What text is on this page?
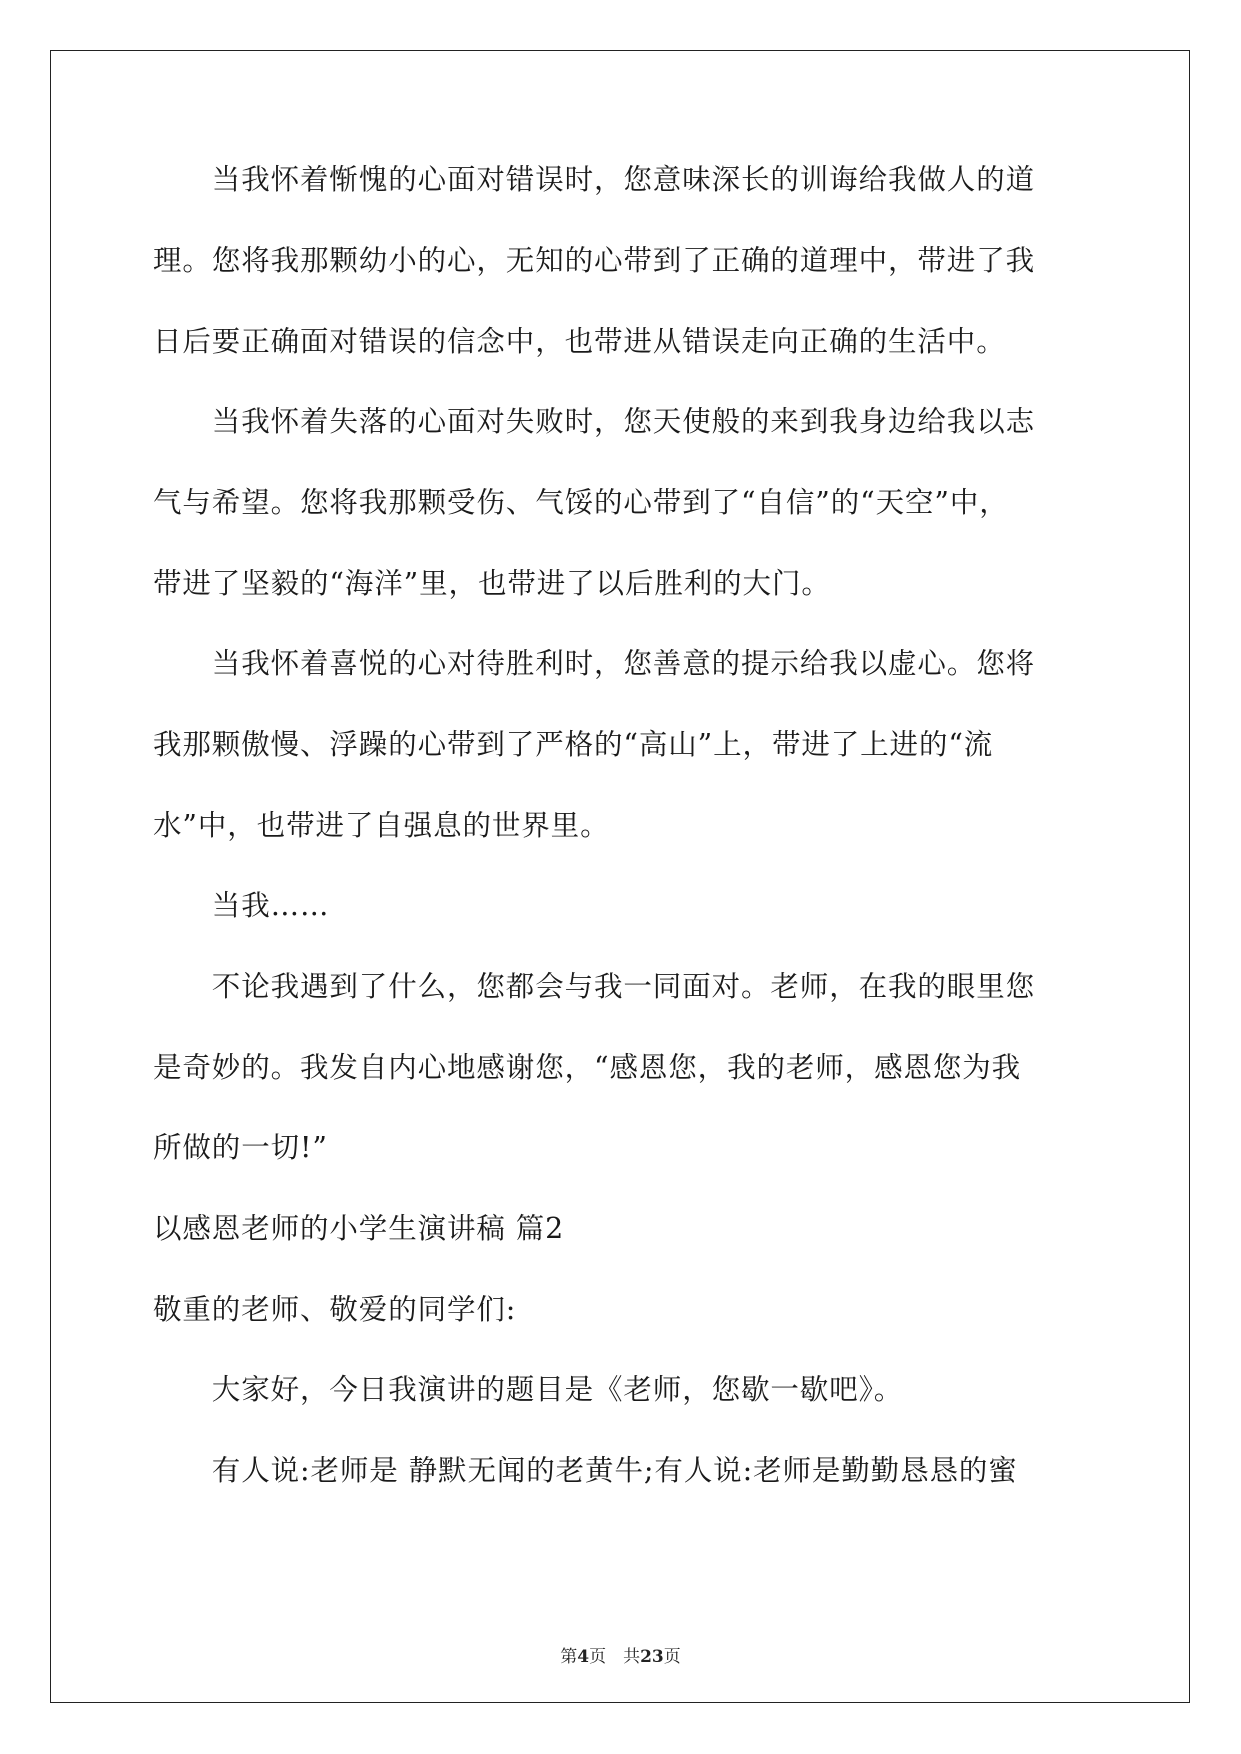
　　当我怀着惭愧的心面对错误时，您意味深长的训诲给我做人的道
理。您将我那颗幼小的心，无知的心带到了正确的道理中，带进了我
日后要正确面对错误的信念中，也带进从错误走向正确的生活中。
　　当我怀着失落的心面对失败时，您天使般的来到我身边给我以志
气与希望。您将我那颗受伤、气馁的心带到了“自信”的“天空”中，
带进了坚毅的“海洋”里，也带进了以后胜利的大门。
　　当我怀着喜悦的心对待胜利时，您善意的提示给我以虚心。您将
我那颗傲慢、浮躁的心带到了严格的“高山”上，带进了上进的“流
水”中，也带进了自强息的世界里。
　　当我……
　　不论我遇到了什么，您都会与我一同面对。老师，在我的眼里您
是奇妙的。我发自内心地感谢您，“感恩您，我的老师，感恩您为我
所做的一切!”
以感恩老师的小学生演讲稿 篇2
敬重的老师、敬爱的同学们:
　　大家好，今日我演讲的题目是《老师，您歇一歇吧》。
　　有人说:老师是 静默无闻的老黄牛;有人说:老师是勤勤恳恳的蜜
第4页　共23页
